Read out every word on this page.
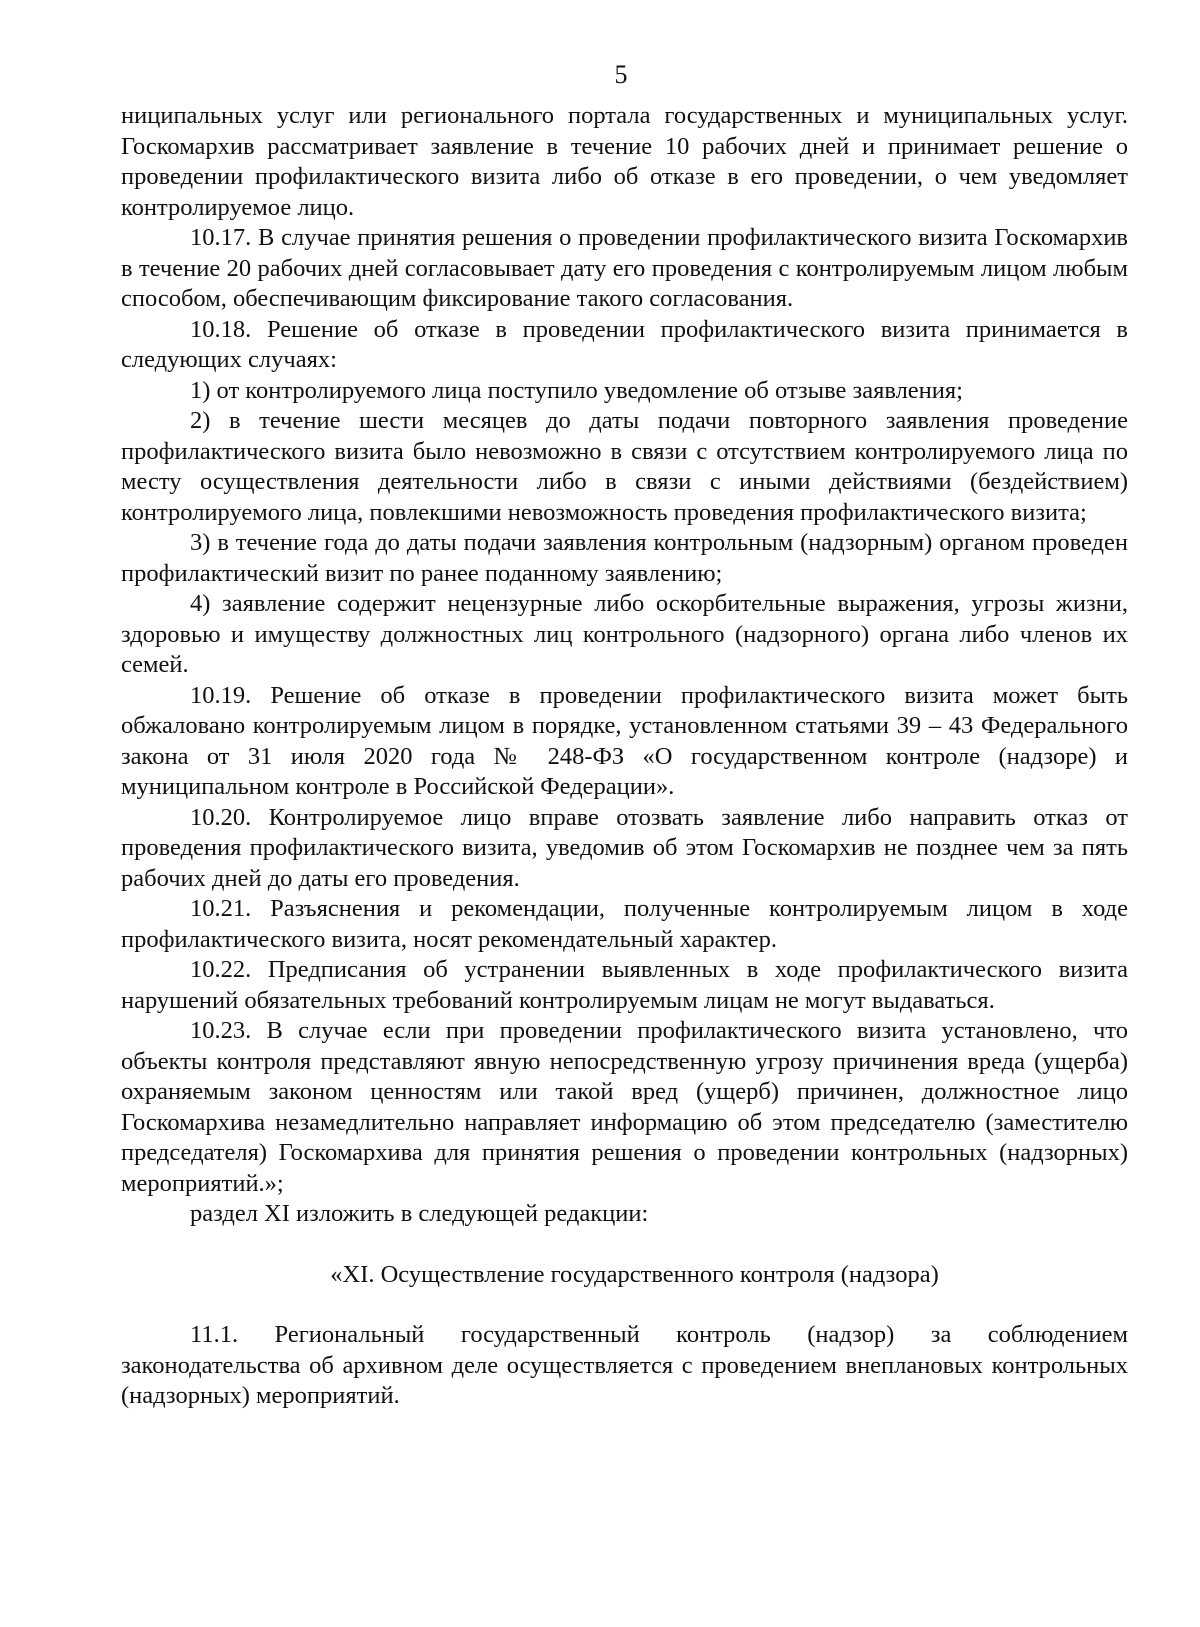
5

ниципальных услуг или регионального портала государственных и муниципальных услуг. Госкомархив рассматривает заявление в течение 10 рабочих дней и принимает решение о проведении профилактического визита либо об отказе в его проведении, о чем уведомляет контролируемое лицо.

10.17. В случае принятия решения о проведении профилактического визита Госкомархив в течение 20 рабочих дней согласовывает дату его проведения с контролируемым лицом любым способом, обеспечивающим фиксирование такого согласования.

10.18. Решение об отказе в проведении профилактического визита принимается в следующих случаях:

1) от контролируемого лица поступило уведомление об отзыве заявления;

2) в течение шести месяцев до даты подачи повторного заявления проведение профилактического визита было невозможно в связи с отсутствием контролируемого лица по месту осуществления деятельности либо в связи с иными действиями (бездействием) контролируемого лица, повлекшими невозможность проведения профилактического визита;

3) в течение года до даты подачи заявления контрольным (надзорным) органом проведен профилактический визит по ранее поданному заявлению;

4) заявление содержит нецензурные либо оскорбительные выражения, угрозы жизни, здоровью и имуществу должностных лиц контрольного (надзорного) органа либо членов их семей.

10.19. Решение об отказе в проведении профилактического визита может быть обжаловано контролируемым лицом в порядке, установленном статьями 39 – 43 Федерального закона от 31 июля 2020 года № 248-ФЗ «О государственном контроле (надзоре) и муниципальном контроле в Российской Федерации».

10.20. Контролируемое лицо вправе отозвать заявление либо направить отказ от проведения профилактического визита, уведомив об этом Госкомархив не позднее чем за пять рабочих дней до даты его проведения.

10.21. Разъяснения и рекомендации, полученные контролируемым лицом в ходе профилактического визита, носят рекомендательный характер.

10.22. Предписания об устранении выявленных в ходе профилактического визита нарушений обязательных требований контролируемым лицам не могут выдаваться.

10.23. В случае если при проведении профилактического визита установлено, что объекты контроля представляют явную непосредственную угрозу причинения вреда (ущерба) охраняемым законом ценностям или такой вред (ущерб) причинен, должностное лицо Госкомархива незамедлительно направляет информацию об этом председателю (заместителю председателя) Госкомархива для принятия решения о проведении контрольных (надзорных) мероприятий.»;

раздел XI изложить в следующей редакции:

«XI. Осуществление государственного контроля (надзора)

11.1. Региональный государственный контроль (надзор) за соблюдением законодательства об архивном деле осуществляется с проведением внеплановых контрольных (надзорных) мероприятий.
